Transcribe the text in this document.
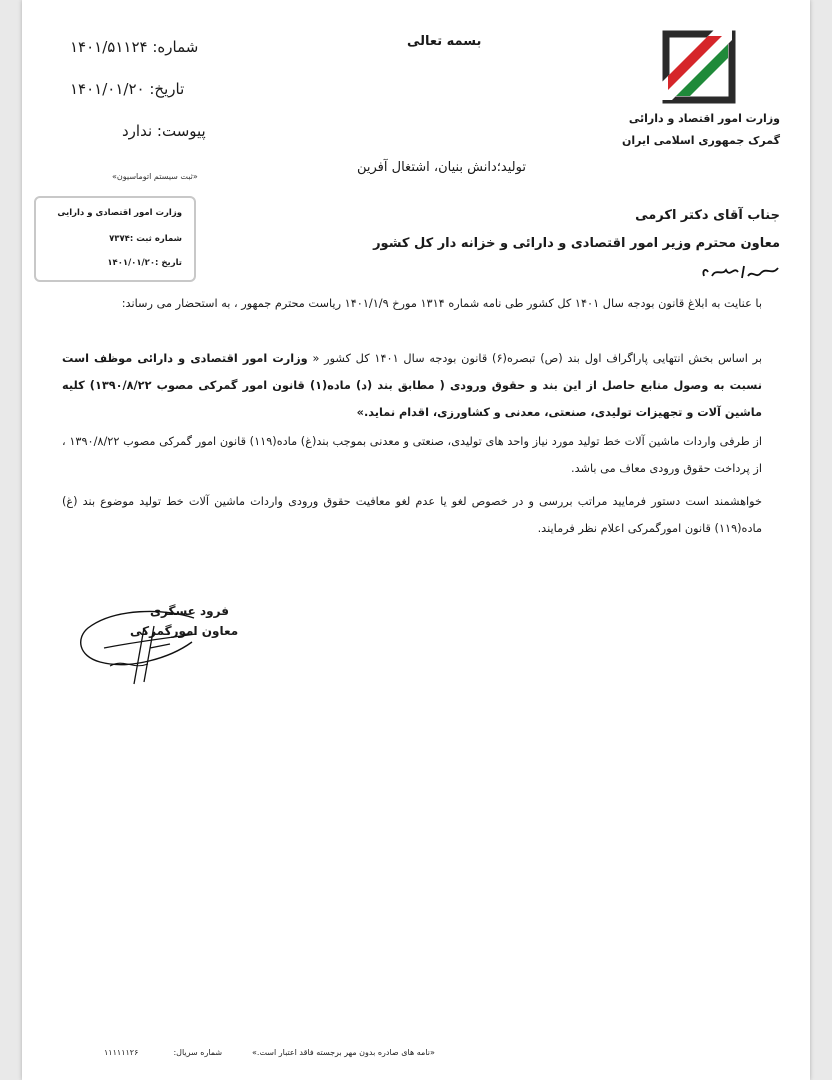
شماره: ۱۴۰۱/۵۱۱۲۴
تاریخ: ۱۴۰۱/۰۱/۲۰
پیوست: ندارد
بسمه تعالی
وزارت امور اقتصاد و دارائی
گمرک جمهوری اسلامی ایران
تولید؛دانش بنیان، اشتغال آفرین
«ثبت سیستم اتوماسیون»
وزارت امور اقتصادی و دارایی
شماره ثبت :۷۳۷۴
تاریخ :۱۴۰۱/۰۱/۲۰
جناب آقای دکتر اکرمی
معاون محترم وزیر امور اقتصادی و دارائی و خزانه دار کل کشور
با عنایت به ابلاغ قانون بودجه سال ۱۴۰۱ کل کشور طی نامه شماره ۱۳۱۴ مورخ ۱۴۰۱/۱/۹ ریاست محترم جمهور ، به استحضار می رساند:
بر اساس بخش انتهایی پاراگراف اول بند (ص) تبصره(۶) قانون بودجه سال ۱۴۰۱ کل کشور « وزارت امور اقتصادی و دارائی موظف است نسبت به وصول منابع حاصل از این بند و حقوق ورودی ( مطابق بند (د) ماده(۱) قانون امور گمرکی مصوب ۱۳۹۰/۸/۲۲) کلیه ماشین آلات و تجهیزات تولیدی، صنعتی، معدنی و کشاورزی، اقدام نماید.»
از طرفی واردات ماشین آلات خط تولید مورد نیاز واحد های تولیدی، صنعتی و معدنی بموجب بند(غ) ماده(۱۱۹) قانون امور گمرکی مصوب ۱۳۹۰/۸/۲۲ ، از پرداخت حقوق ورودی معاف می باشد.
خواهشمند است دستور فرمایید مراتب بررسی و در خصوص لغو یا عدم لغو معافیت حقوق ورودی واردات ماشین آلات خط تولید موضوع بند (غ) ماده(۱۱۹) قانون امورگمرکی اعلام نظر فرمایند.
فرود عسگری
معاون امورگمرکی
«نامه های صادره بدون مهر برجسته فاقد اعتبار است.»
شماره سریال:  ۱۱۱۱۱۱۲۶
